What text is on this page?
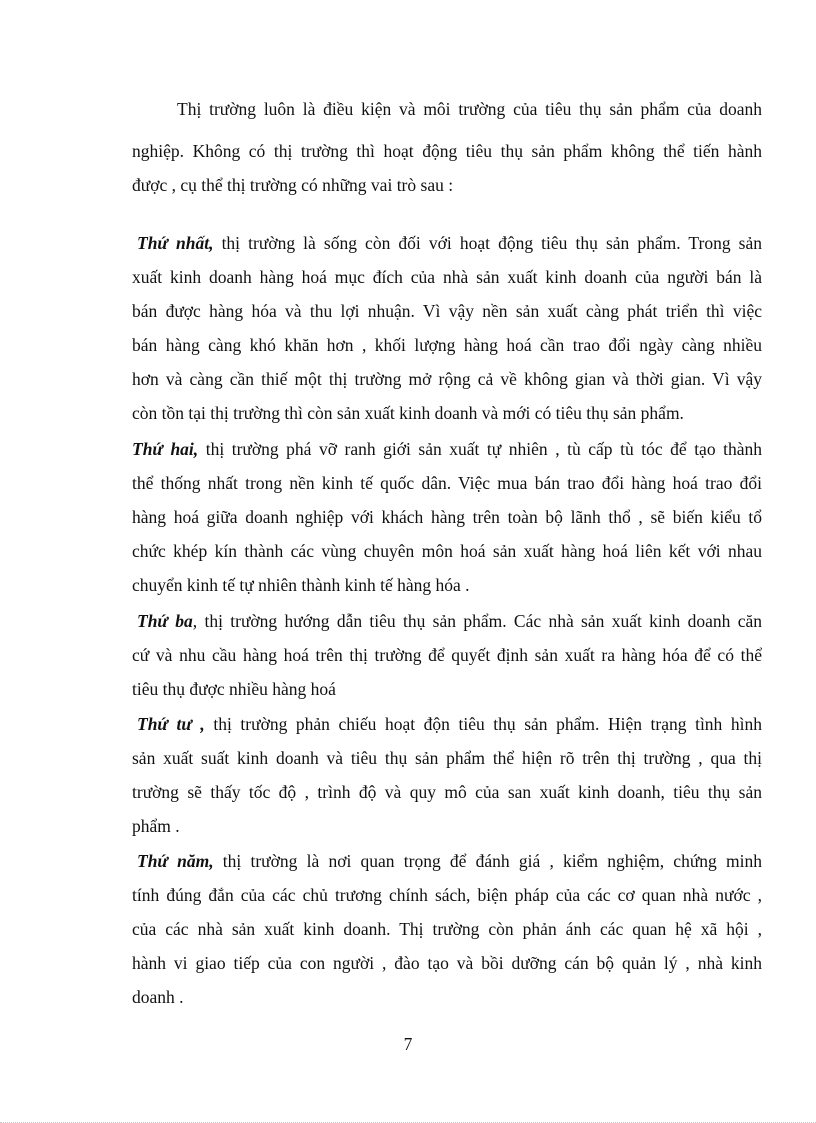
Thị trường luôn là điều kiện và môi trường của tiêu thụ sản phẩm của doanh
nghiệp. Không có thị trường thì hoạt động tiêu thụ sản phẩm không thể tiến hành
được , cụ thể thị trường có những vai trò sau :
Thứ nhất, thị trường là sống còn đối với hoạt động tiêu thụ sản phẩm. Trong sản
xuất kinh doanh hàng hoá mục đích của nhà sản xuất kinh doanh của người bán là
bán được hàng hóa và thu lợi nhuận. Vì vậy nền sản xuất càng phát triển thì việc
bán hàng càng khó khăn hơn , khối lượng hàng hoá cần trao đổi ngày càng nhiều
hơn và càng cần thiế một thị trường mở rộng cả về không gian và thời gian. Vì vậy
còn tồn tại thị trường thì còn sản xuất kinh doanh và mới có tiêu thụ sản phẩm.
Thứ hai, thị trường phá vỡ ranh giới sản xuất tự nhiên , tù cấp tù tóc để tạo thành
thể thống nhất trong nền kinh tế quốc dân. Việc mua bán trao đổi hàng hoá trao đổi
hàng hoá giữa doanh nghiệp với khách hàng trên toàn bộ lãnh thổ , sẽ biến kiểu tổ
chức khép kín thành các vùng chuyên môn hoá sản xuất hàng hoá liên kết với nhau
chuyển kinh tế tự nhiên thành kinh tế hàng hóa .
Thứ ba, thị trường hướng dẫn tiêu thụ sản phẩm. Các nhà sản xuất kinh doanh căn
cứ và nhu cầu hàng hoá trên thị trường để quyết định sản xuất ra hàng hóa để có thể
tiêu thụ được nhiều hàng hoá
Thứ tư , thị trường phản chiếu hoạt độn tiêu thụ sản phẩm. Hiện trạng tình hình
sản xuất suất kinh doanh và tiêu thụ sản phẩm thể hiện rõ trên thị trường , qua thị
trường sẽ thấy tốc độ , trình độ và quy mô của san xuất kinh doanh, tiêu thụ sản
phẩm .
Thứ năm, thị trường là nơi quan trọng để đánh giá , kiểm nghiệm, chứng minh
tính đúng đắn của các chủ trương chính sách, biện pháp của các cơ quan nhà nước ,
của các nhà sản xuất kinh doanh. Thị trường còn phản ánh các quan hệ xã hội ,
hành vi giao tiếp của con người , đào tạo và bồi dưỡng cán bộ quản lý , nhà kinh
doanh .
7
